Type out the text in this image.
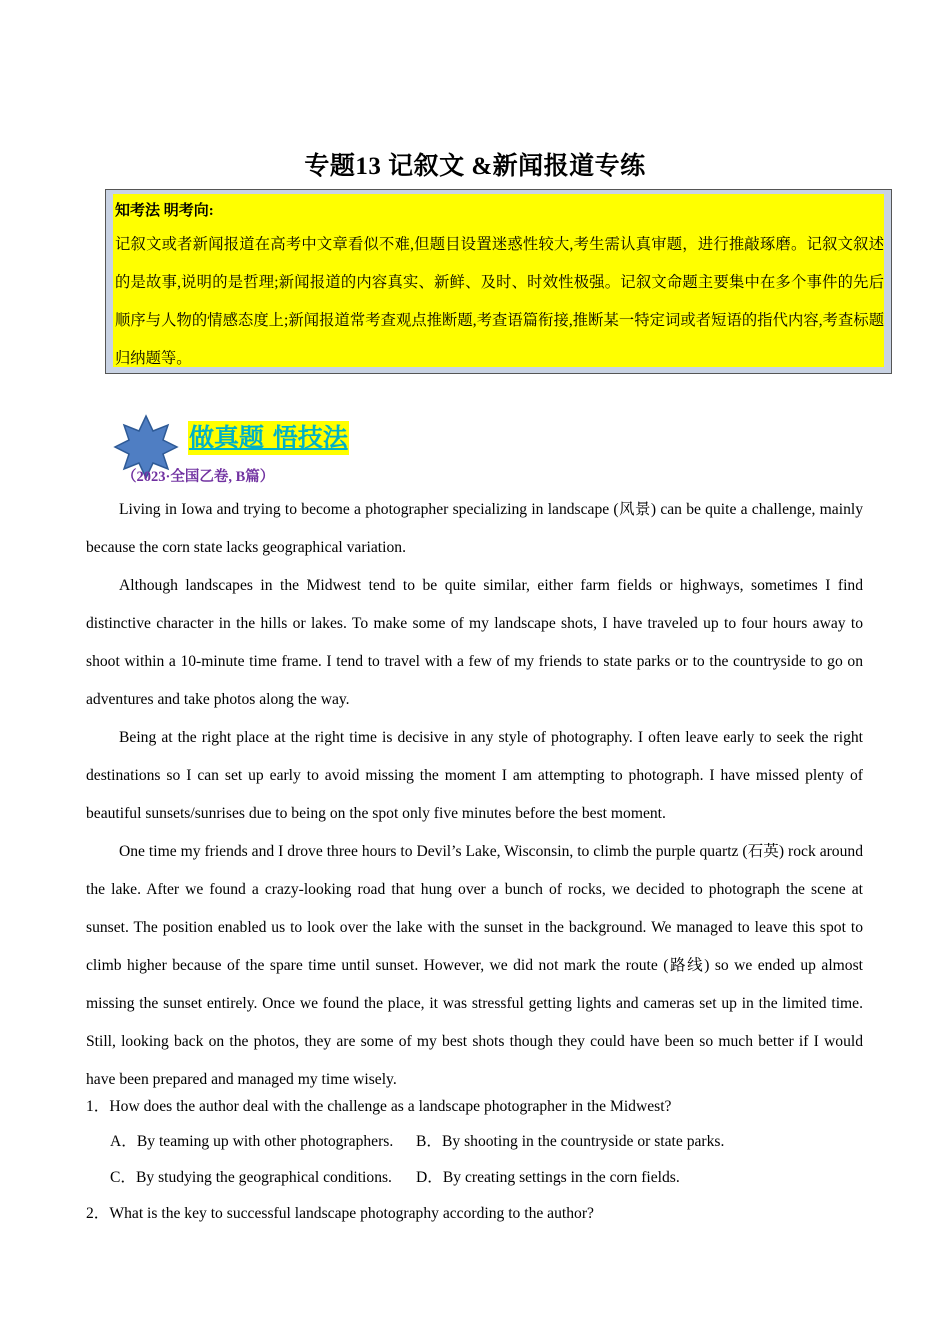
专题13 记叙文 &新闻报道专练
知考法 明考向:
记叙文或者新闻报道在高考中文章看似不难,但题目设置迷惑性较大,考生需认真审题，进行推敲琢磨。记叙文叙述的是故事,说明的是哲理;新闻报道的内容真实、新鲜、及时、时效性极强。记叙文命题主要集中在多个事件的先后顺序与人物的情感态度上;新闻报道常考查观点推断题,考查语篇衔接,推断某一特定词或者短语的指代内容,考查标题归纳题等。
做真题 悟技法
（2023·全国乙卷, B篇）

Living in Iowa and trying to become a photographer specializing in landscape (风景) can be quite a challenge, mainly because the corn state lacks geographical variation.

Although landscapes in the Midwest tend to be quite similar, either farm fields or highways, sometimes I find distinctive character in the hills or lakes. To make some of my landscape shots, I have traveled up to four hours away to shoot within a 10-minute time frame. I tend to travel with a few of my friends to state parks or to the countryside to go on adventures and take photos along the way.

Being at the right place at the right time is decisive in any style of photography. I often leave early to seek the right destinations so I can set up early to avoid missing the moment I am attempting to photograph. I have missed plenty of beautiful sunsets/sunrises due to being on the spot only five minutes before the best moment.

One time my friends and I drove three hours to Devil’s Lake, Wisconsin, to climb the purple quartz (石英) rock around the lake. After we found a crazy-looking road that hung over a bunch of rocks, we decided to photograph the scene at sunset. The position enabled us to look over the lake with the sunset in the background. We managed to leave this spot to climb higher because of the spare time until sunset. However, we did not mark the route (路线) so we ended up almost missing the sunset entirely. Once we found the place, it was stressful getting lights and cameras set up in the limited time. Still, looking back on the photos, they are some of my best shots though they could have been so much better if I would have been prepared and managed my time wisely.

1．How does the author deal with the challenge as a landscape photographer in the Midwest?
A．By teaming up with other photographers. B．By shooting in the countryside or state parks.
C．By studying the geographical conditions. D．By creating settings in the corn fields.
2．What is the key to successful landscape photography according to the author?
